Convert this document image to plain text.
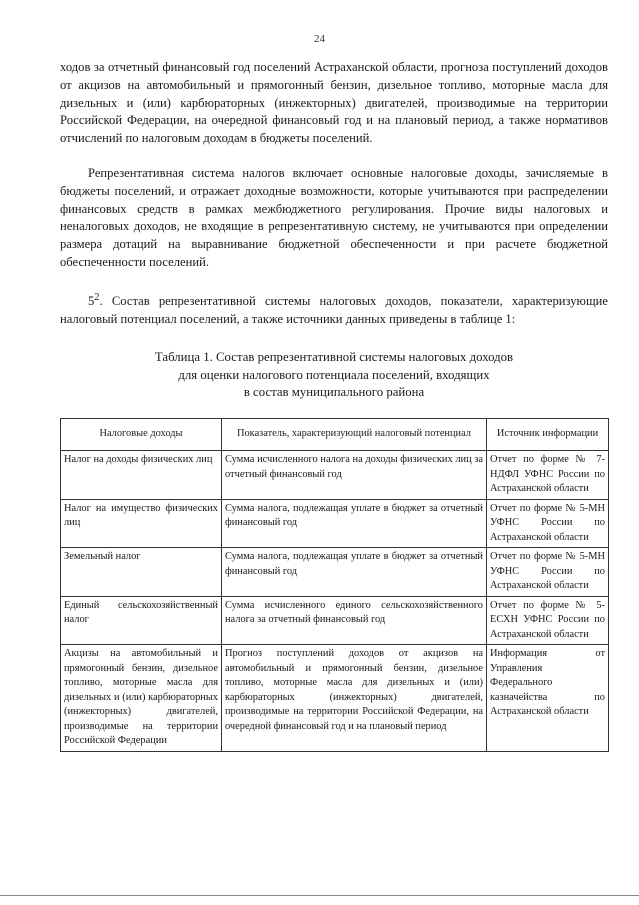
24

ходов за отчетный финансовый год поселений Астраханской области, прогноза поступлений доходов от акцизов на автомобильный и прямогонный бензин, дизельное топливо, моторные масла для дизельных и (или) карбюраторных (инжекторных) двигателей, производимые на территории Российской Федерации, на очередной финансовый год и на плановый период, а также нормативов отчислений по налоговым доходам в бюджеты поселений.

Репрезентативная система налогов включает основные налоговые доходы, зачисляемые в бюджеты поселений, и отражает доходные возможности, которые учитываются при распределении финансовых средств в рамках межбюджетного регулирования. Прочие виды налоговых и неналоговых доходов, не входящие в репрезентативную систему, не учитываются при определении размера дотаций на выравнивание бюджетной обеспеченности и при расчете бюджетной обеспеченности поселений.

$5^2$. Состав репрезентативной системы налоговых доходов, показатели, характеризующие налоговый потенциал поселений, а также источники данных приведены в таблице 1:

Таблица 1. Состав репрезентативной системы налоговых доходов
для оценки налогового потенциала поселений, входящих
в состав муниципального района
Налоговые доходы	Показатель, характеризующий налоговый потенциал	Источник информации
Налог на доходы физических лиц	Сумма исчисленного налога на доходы физических лиц за отчетный финансовый год	Отчет по форме № 7-НДФЛ УФНС России по Астраханской области
Налог на имущество физических лиц	Сумма налога, подлежащая уплате в бюджет за отчетный финансовый год	Отчет по форме № 5-МН УФНС России по Астраханской области
Земельный налог	Сумма налога, подлежащая уплате в бюджет за отчетный финансовый год	Отчет по форме № 5-МН УФНС России по Астраханской области
Единый сельскохозяйственный налог	Сумма исчисленного единого сельскохозяйственного налога за отчетный финансовый год	Отчет по форме № 5-ЕСХН УФНС России по Астраханской области
Акцизы на автомобильный и прямогонный бензин, дизельное топливо, моторные масла для дизельных и (или) карбюраторных (инжекторных) двигателей, производимые на территории Российской Федерации	Прогноз поступлений доходов от акцизов на автомобильный и прямогонный бензин, дизельное топливо, моторные масла для дизельных и (или) карбюраторных (инжекторных) двигателей, производимые на территории Российской Федерации, на очередной финансовый год и на плановый период	Информация от Управления Федерального казначейства по Астраханской области
